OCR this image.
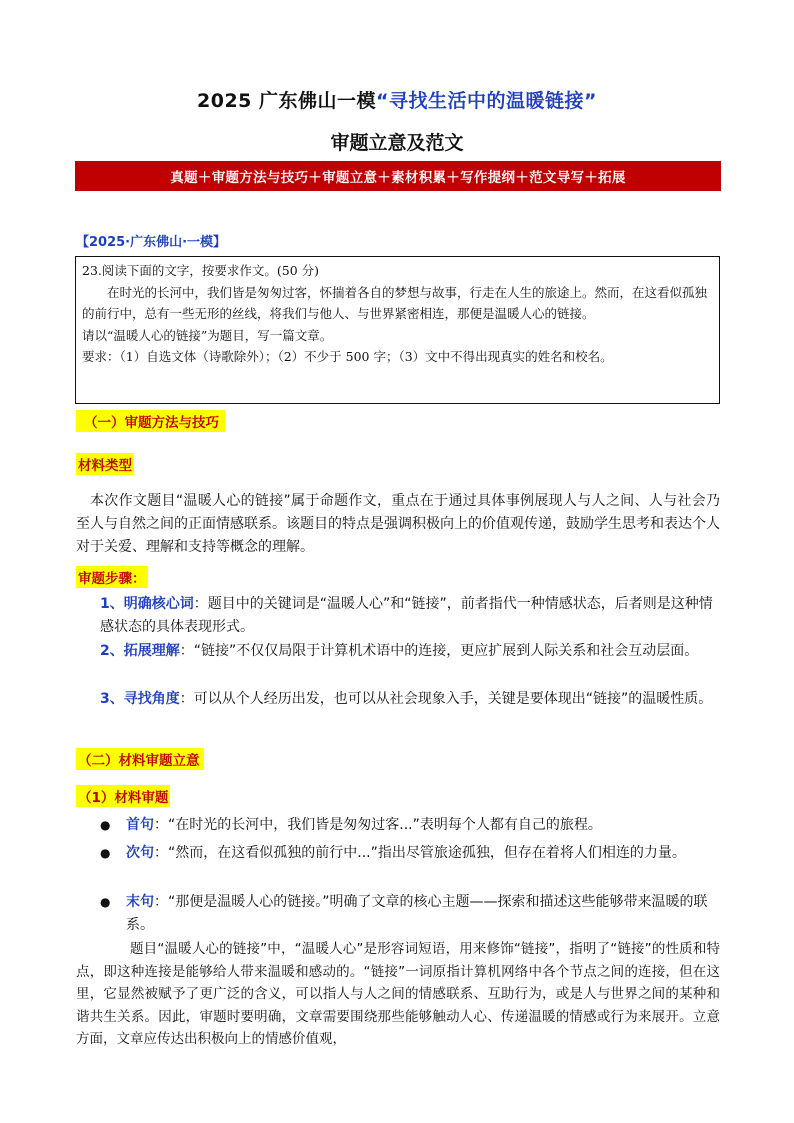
2025 广东佛山一模“寻找生活中的温暖链接”
审题立意及范文
真题＋审题方法与技巧＋审题立意＋素材积累＋写作提纲＋范文导写＋拓展
【2025·广东佛山·一模】

23.阅读下面的文字，按要求作文。(50 分)

在时光的长河中，我们皆是匆匆过客，怀揣着各自的梦想与故事，行走在人生的旅途上。然而，在这看似孤独的前行中，总有一些无形的丝线，将我们与他人、与世界紧密相连，那便是温暖人心的链接。

请以“温暖人心的链接”为题目，写一篇文章。

要求：（1）自选文体（诗歌除外）；（2）不少于 500 字；（3）文中不得出现真实的姓名和校名。

（一）审题方法与技巧
材料类型

本次作文题目“温暖人心的链接”属于命题作文，重点在于通过具体事例展现人与人之间、人与社会乃至人与自然之间的正面情感联系。该题目的特点是强调积极向上的价值观传递，鼓励学生思考和表达个人对于关爱、理解和支持等概念的理解。

审题步骤：
1、明确核心词：题目中的关键词是“温暖人心”和“链接”，前者指代一种情感状态，后者则是这种情感状态的具体表现形式。
2、拓展理解：“链接”不仅仅局限于计算机术语中的连接，更应扩展到人际关系和社会互动层面。
3、寻找角度：可以从个人经历出发，也可以从社会现象入手，关键是要体现出“链接”的温暖性质。
（二）材料审题立意
（1）材料审题
●	首句：“在时光的长河中，我们皆是匆匆过客...”表明每个人都有自己的旅程。
●	次句：“然而，在这看似孤独的前行中...”指出尽管旅途孤独，但存在着将人们相连的力量。
●	末句：“那便是温暖人心的链接。”明确了文章的核心主题——探索和描述这些能够带来温暖的联系。

题目“温暖人心的链接”中，“温暖人心”是形容词短语，用来修饰“链接”，指明了“链接”的性质和特点，即这种连接是能够给人带来温暖和感动的。“链接”一词原指计算机网络中各个节点之间的连接，但在这里，它显然被赋予了更广泛的含义，可以指人与人之间的情感联系、互助行为，或是人与世界之间的某种和谐共生关系。因此，审题时要明确，文章需要围绕那些能够触动人心、传递温暖的情感或行为来展开。立意方面，文章应传达出积极向上的情感价值观，
